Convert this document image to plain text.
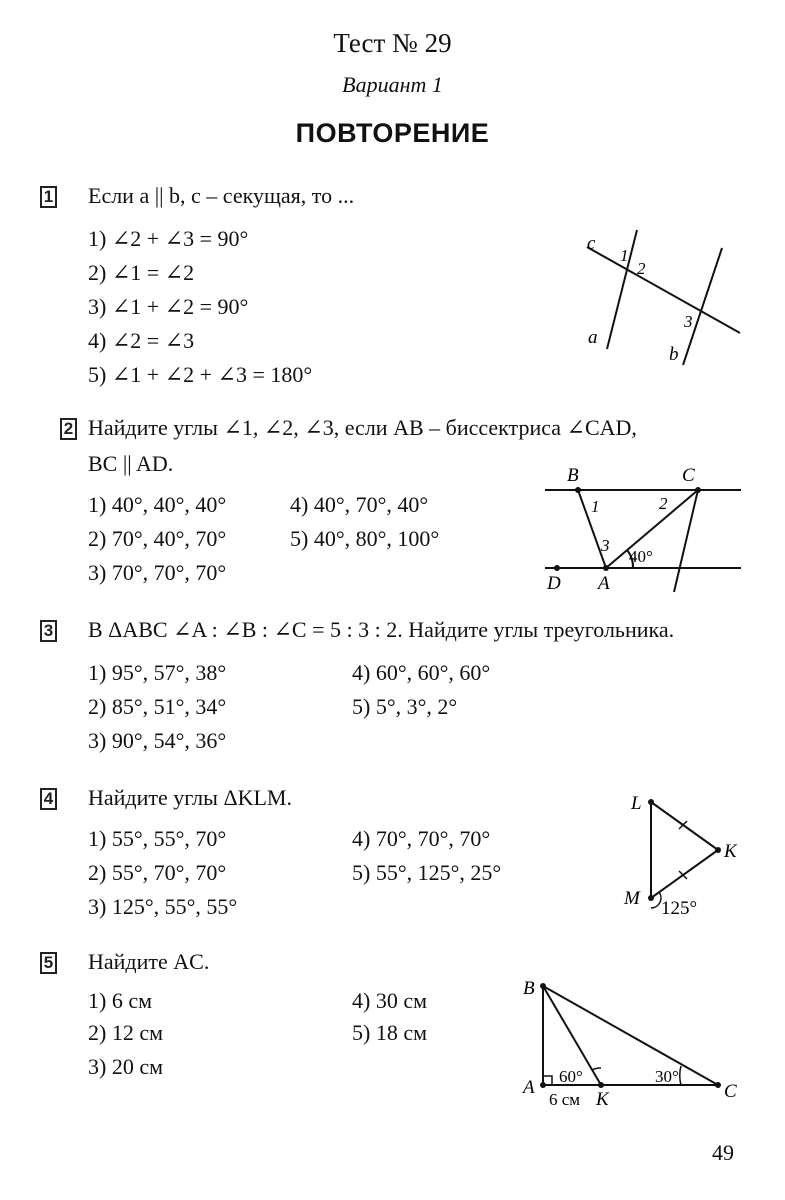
Тест № 29
Вариант 1
ПОВТОРЕНИЕ
1 Если a || b, c – секущая, то ...
1) ∠2 + ∠3 = 90°
2) ∠1 = ∠2
3) ∠1 + ∠2 = 90°
4) ∠2 = ∠3
5) ∠1 + ∠2 + ∠3 = 180°
c
1
2
3
a
b
2 Найдите углы ∠1, ∠2, ∠3, если AB – биссектриса ∠CAD,
BC || AD.
1) 40°, 40°, 40°	4) 40°, 70°, 40°
2) 70°, 40°, 70°	5) 40°, 80°, 100°
3) 70°, 70°, 70°
B	C
1	2
3
40°
D A
3 В ΔABC ∠A : ∠B : ∠C = 5 : 3 : 2. Найдите углы треугольника.
1) 95°, 57°, 38°	4) 60°, 60°, 60°
2) 85°, 51°, 34°	5) 5°, 3°, 2°
3) 90°, 54°, 36°
4 Найдите углы ΔKLM.
1) 55°, 55°, 70°	4) 70°, 70°, 70°
2) 55°, 70°, 70°	5) 55°, 125°, 25°
3) 125°, 55°, 55°
L
K
M 125°
5 Найдите AC.
1) 6 см	4) 30 см
2) 12 см	5) 18 см
3) 20 см
B
A
60°	30°
C
6 см K
49
